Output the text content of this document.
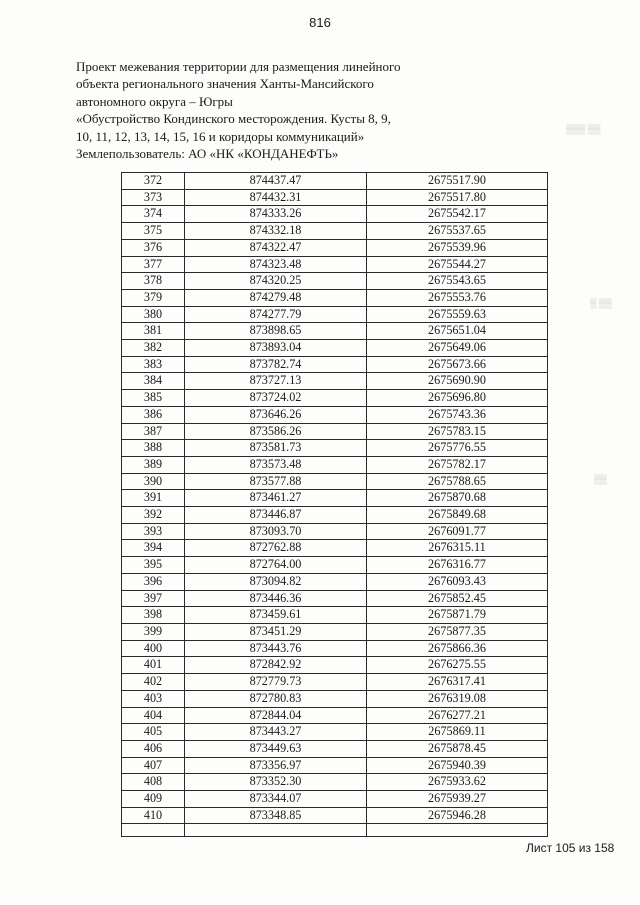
816
Проект межевания территории для размещения линейного
объекта регионального значения Ханты-Мансийского
автономного округа – Югры
«Обустройство Кондинского месторождения. Кусты 8, 9,
10, 11, 12, 13, 14, 15, 16 и коридоры коммуникаций»
Землепользователь: АО «НК «КОНДАНЕФТЬ»
▒▒▒ ▒▒
▒ ▒▒
▒▒
372	874437.47	2675517.90
373	874432.31	2675517.80
374	874333.26	2675542.17
375	874332.18	2675537.65
376	874322.47	2675539.96
377	874323.48	2675544.27
378	874320.25	2675543.65
379	874279.48	2675553.76
380	874277.79	2675559.63
381	873898.65	2675651.04
382	873893.04	2675649.06
383	873782.74	2675673.66
384	873727.13	2675690.90
385	873724.02	2675696.80
386	873646.26	2675743.36
387	873586.26	2675783.15
388	873581.73	2675776.55
389	873573.48	2675782.17
390	873577.88	2675788.65
391	873461.27	2675870.68
392	873446.87	2675849.68
393	873093.70	2676091.77
394	872762.88	2676315.11
395	872764.00	2676316.77
396	873094.82	2676093.43
397	873446.36	2675852.45
398	873459.61	2675871.79
399	873451.29	2675877.35
400	873443.76	2675866.36
401	872842.92	2676275.55
402	872779.73	2676317.41
403	872780.83	2676319.08
404	872844.04	2676277.21
405	873443.27	2675869.11
406	873449.63	2675878.45
407	873356.97	2675940.39
408	873352.30	2675933.62
409	873344.07	2675939.27
410	873348.85	2675946.28

Лист 105 из 158
